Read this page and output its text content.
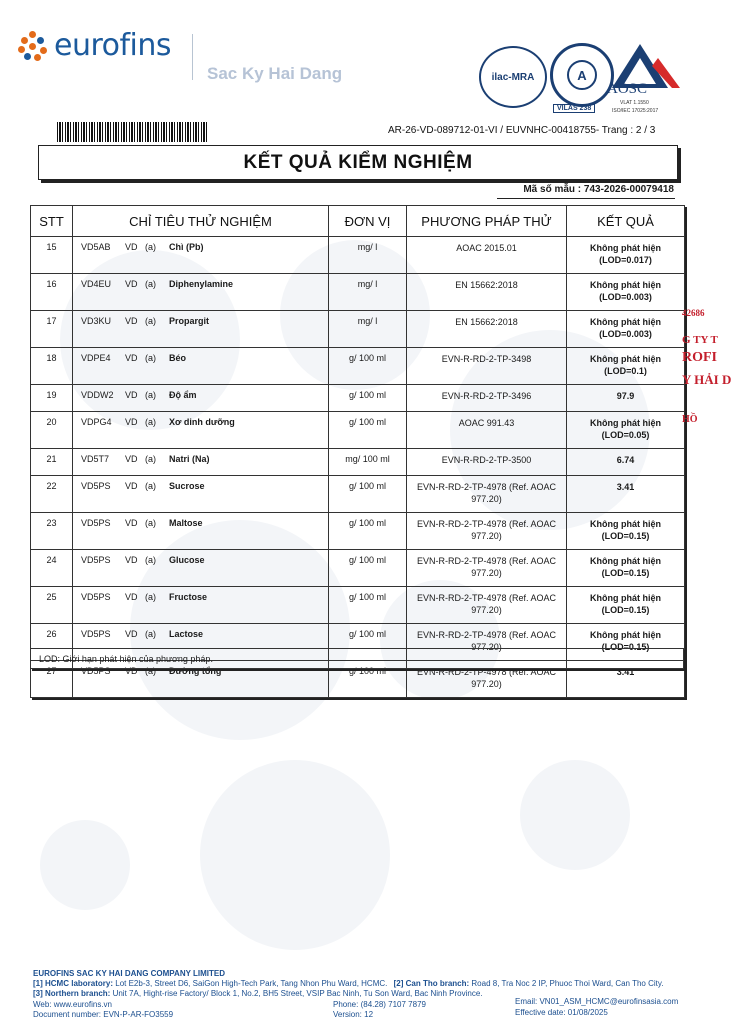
eurofins
Sac Ky Hai Dang	ilac-MRA	A
VILAS 238
AOSC
VLAT 1.1550
ISO/IEC 17025:2017
AR-26-VD-089712-01-VI / EUVNHC-00418755- Trang : 2 / 3
KẾT QUẢ KIỂM NGHIỆM
Mã số mẫu : 743-2026-00079418
STT	CHỈ TIÊU THỬ NGHIỆM	ĐƠN VỊ	PHƯƠNG PHÁP THỬ	KẾT QUẢ
15	VD5AB VD (a) Chì (Pb)	mg/ l	AOAC 2015.01	Không phát hiện
(LOD=0.017)
16	VD4EU VD (a) Diphenylamine	mg/ l	EN 15662:2018	Không phát hiện
(LOD=0.003)
17	VD3KU VD (a) Propargit	mg/ l	EN 15662:2018	Không phát hiện
(LOD=0.003)
18	VDPE4 VD (a) Béo	g/ 100 ml	EVN-R-RD-2-TP-3498	Không phát hiện
(LOD=0.1)
19	VDDW2 VD (a) Độ ẩm	g/ 100 ml	EVN-R-RD-2-TP-3496	97.9
20	VDPG4 VD (a) Xơ dinh dưỡng	g/ 100 ml	AOAC 991.43	Không phát hiện
(LOD=0.05)
21	VD5T7 VD (a) Natri (Na)	mg/ 100 ml	EVN-R-RD-2-TP-3500	6.74
22	VD5PS VD (a) Sucrose	g/ 100 ml	EVN-R-RD-2-TP-4978 (Ref. AOAC
977.20)	3.41
23	VD5PS VD (a) Maltose	g/ 100 ml	EVN-R-RD-2-TP-4978 (Ref. AOAC
977.20)	Không phát hiện
(LOD=0.15)
24	VD5PS VD (a) Glucose	g/ 100 ml	EVN-R-RD-2-TP-4978 (Ref. AOAC
977.20)	Không phát hiện
(LOD=0.15)
25	VD5PS VD (a) Fructose	g/ 100 ml	EVN-R-RD-2-TP-4978 (Ref. AOAC
977.20)	Không phát hiện
(LOD=0.15)
26	VD5PS VD (a) Lactose	g/ 100 ml	EVN-R-RD-2-TP-4978 (Ref. AOAC
977.20)	Không phát hiện
(LOD=0.15)
27	VD5PS VD (a) Đường tổng	g/ 100 ml	EVN-R-RD-2-TP-4978 (Ref. AOAC
977.20)	3.41
LOD: Giới hạn phát hiện của phương pháp.
42686
G TY T
ROFI
Y HẢI D
HỒ
EUROFINS SAC KY HAI DANG COMPANY LIMITED
[1] HCMC laboratory: Lot E2b-3, Street D6, SaiGon High-Tech Park, Tang Nhon Phu Ward, HCMC. [2] Can Tho branch: Road 8, Tra Noc 2 IP, Phuoc Thoi Ward, Can Tho City.
[3] Northern branch: Unit 7A, Hight-rise Factory/ Block 1, No.2, BH5 Street, VSIP Bac Ninh, Tu Son Ward, Bac Ninh Province.
Web: www.eurofins.vn	Phone: (84.28) 7107 7879	Email: VN01_ASM_HCMC@eurofinsasia.com
Document number: EVN-P-AR-FO3559	Version: 12	Effective date: 01/08/2025
